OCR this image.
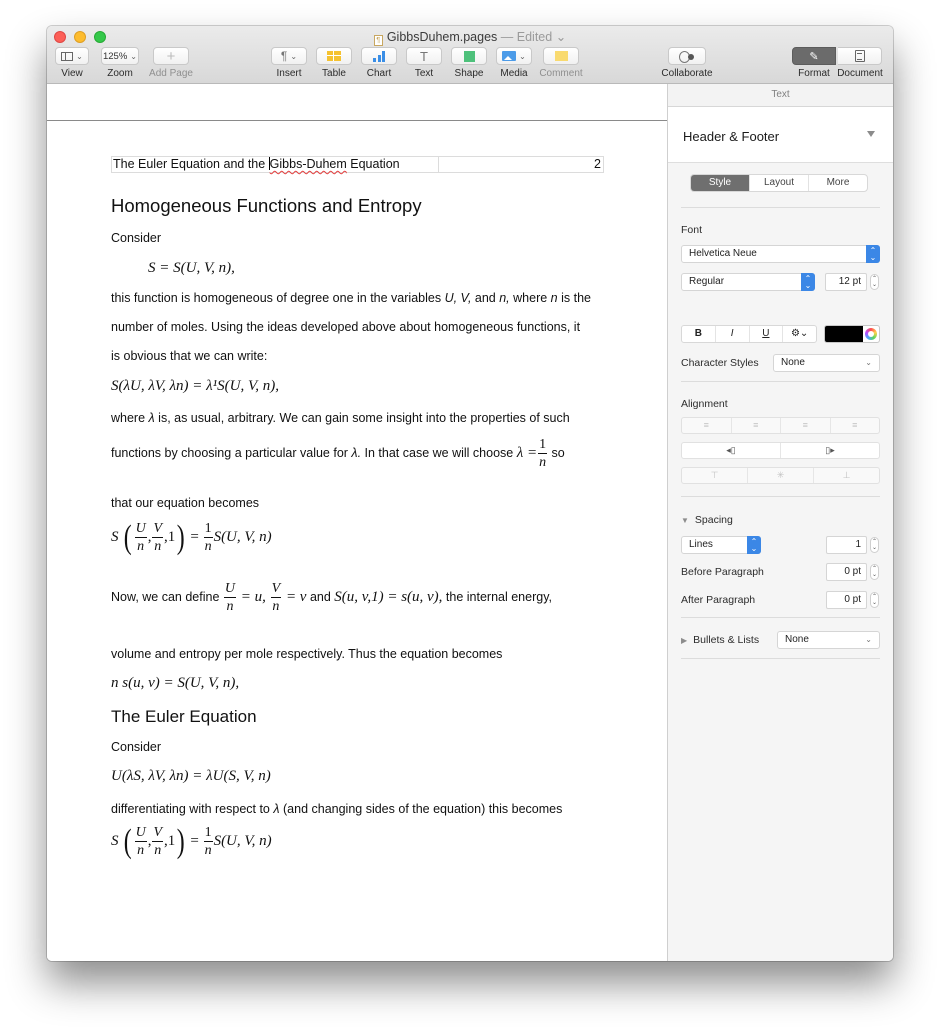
¶ GibbsDuhem.pages — Edited ⌄
⌄
View
125% ⌄
Zoom
+
Add Page
¶ ⌄
Insert	Table	Chart
T
Text	Shape
⌄
Media	Comment	Collaborate
✎
Format Document
The Euler Equation and the Gibbs-Duhem Equation	2
Homogeneous Functions and Entropy
Consider
S = S(U, V, n),
this function is homogeneous of degree one in the variables U, V, and n, where n is the
number of moles. Using the ideas developed above about homogeneous functions, it
is obvious that we can write:
S(λU, λV, λn) = λ¹S(U, V, n),
where λ is, as usual, arbitrary. We can gain some insight into the properties of such
functions by choosing a particular value for λ. In that case we will choose $\lambda = \frac{1}{n}$ so
that our equation becomes
S ( $\frac{U}{n}$ , $\frac{V}{n} ,1) = \frac{1}{n} S(U$, V, n)
Now, we can define $\frac{U}{n} = u$, $\frac{V}{n} = v$ and S(u, v,1) = s(u, v), the internal energy,
volume and entropy per mole respectively. Thus the equation becomes
n s(u, v) = S(U, V, n),
The Euler Equation
Consider
U(λS, λV, λn) = λU(S, V, n)
differentiating with respect to λ (and changing sides of the equation) this becomes
S ( $\frac{U}{n}$ , $\frac{V}{n} ,1) = \frac{1}{n} S(U$, V, n)
Text
Header & Footer
Style	Layout	More
Font
Helvetica Neue	⌃
⌄
Regular	⌃
⌄	12 pt	⌃
⌄
B	I	U	⚙⌄
Character Styles	None	⌄
Alignment
≡	≡	≡	≡
◂▯	▯▸
⊤	✳	⊥
▼ Spacing
Lines	⌃
⌄	1	⌃
⌄
Before Paragraph	0 pt	⌃
⌄
After Paragraph	0 pt	⌃
⌄
▶ Bullets & Lists	None	⌄
